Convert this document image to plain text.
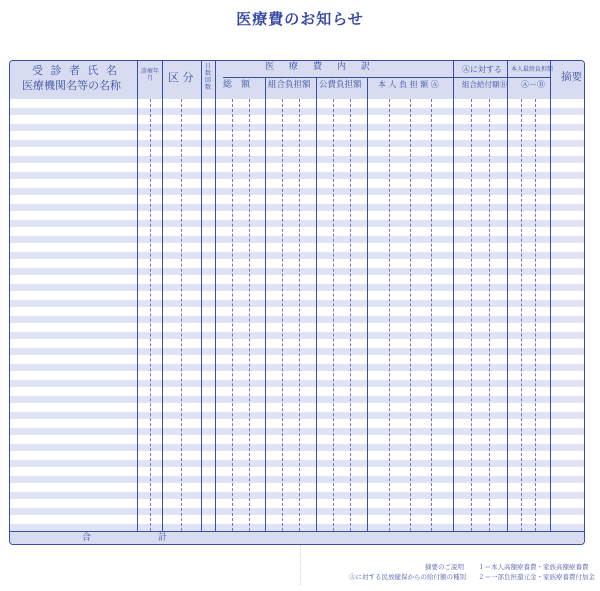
医療費のお知らせ
受 診 者 氏 名
医療機関名等の名称
診療年月	区 分
日数回数
医　療　費　内　訳
総　額 組合負担額 公費負担額 本 人 負 担 額 Ⓐ
Ⓐに対する
組合給付額Ⓑ
本人最終負担額
Ⓐ－Ⓑ
摘要
合	計
摘要のご説明 １＝本人高額療養費・家族高額療養費
Ⓐに対する民放健保からの給付額の種別 ２＝一部負担還元金・家族療養費付加金
